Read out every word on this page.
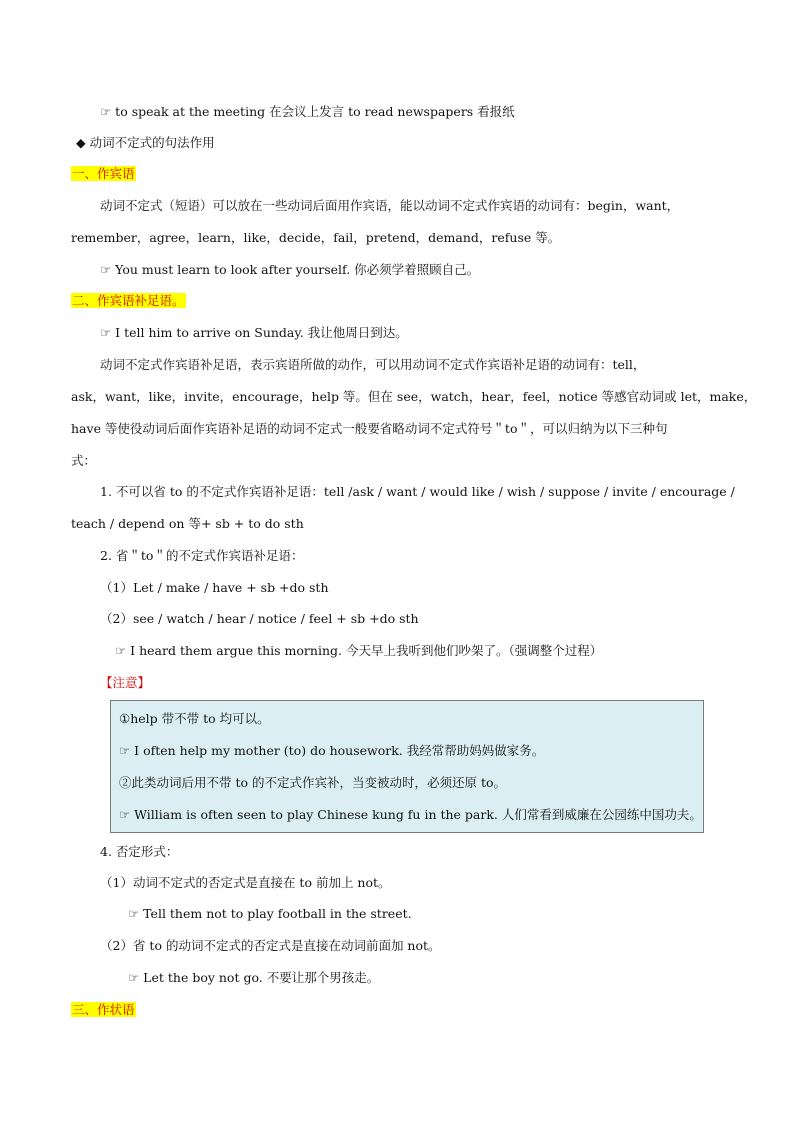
☞ to speak at the meeting 在会议上发言 to read newspapers 看报纸
◆ 动词不定式的句法作用
一、作宾语
动词不定式（短语）可以放在一些动词后面用作宾语，能以动词不定式作宾语的动词有：begin，want，
remember，agree，learn，like，decide，fail，pretend，demand，refuse 等。
☞ You must learn to look after yourself. 你必须学着照顾自己。
二、作宾语补足语。
☞ I tell him to arrive on Sunday. 我让他周日到达。
动词不定式作宾语补足语，表示宾语所做的动作，可以用动词不定式作宾语补足语的动词有：tell，
ask，want，like，invite，encourage，help 等。但在 see，watch，hear，feel，notice 等感官动词或 let，make，
have 等使役动词后面作宾语补足语的动词不定式一般要省略动词不定式符号＂to＂，可以归纳为以下三种句
式：
1. 不可以省 to 的不定式作宾语补足语：tell /ask / want / would like / wish / suppose / invite / encourage /
teach / depend on 等+ sb + to do sth
2. 省＂to＂的不定式作宾语补足语：
（1）Let / make / have + sb +do sth
（2）see / watch / hear / notice / feel + sb +do sth
☞ I heard them argue this morning. 今天早上我听到他们吵架了。（强调整个过程）
【注意】
①help 带不带 to 均可以。
☞ I often help my mother (to) do housework. 我经常帮助妈妈做家务。
②此类动词后用不带 to 的不定式作宾补，当变被动时，必须还原 to。
☞ William is often seen to play Chinese kung fu in the park. 人们常看到威廉在公园练中国功夫。
4. 否定形式：
（1）动词不定式的否定式是直接在 to 前加上 not。
☞ Tell them not to play football in the street.
（2）省 to 的动词不定式的否定式是直接在动词前面加 not。
☞ Let the boy not go. 不要让那个男孩走。
三、作状语
